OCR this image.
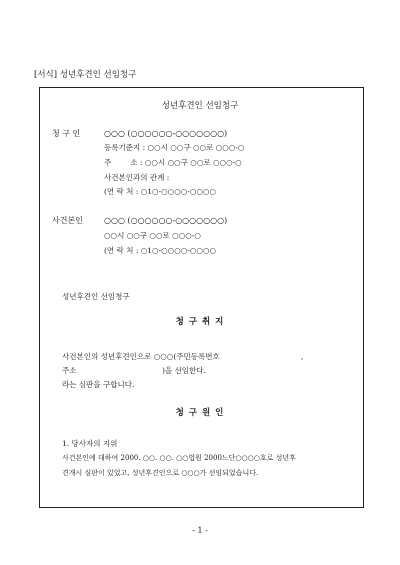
[서식] 성년후견인 선임청구
성년후견인 선임청구
청 구 인	○○○ (○○○○○○-○○○○○○○)
등록기준지 : ○○시 ○○구 ○○로 ○○○-○
주        소 : ○○시 ○○구 ○○로 ○○○-○
사건본인과의 관계 :
(연 락 처 : ○1○-○○○○-○○○○
사건본인	○○○ (○○○○○○-○○○○○○○)
○○시 ○○구 ○○로 ○○○-○
(연 락 처 : ○1○-○○○○-○○○○
성년후견인 선임청구
청 구 취 지
사건본인의 성년후견인으로 ○○○(주민등록번호	,
주소	)을 선임한다.
라는 심판을 구합니다.
청 구 원 인
1. 당사자의 지위
사건본인에 대하여 2000. ○○. ○○. ○○법원 2000느단○○○○호로 성년후
견개시 심판이 있었고, 성년후견인으로 ○○○가 선임되었습니다.
- 1 -
